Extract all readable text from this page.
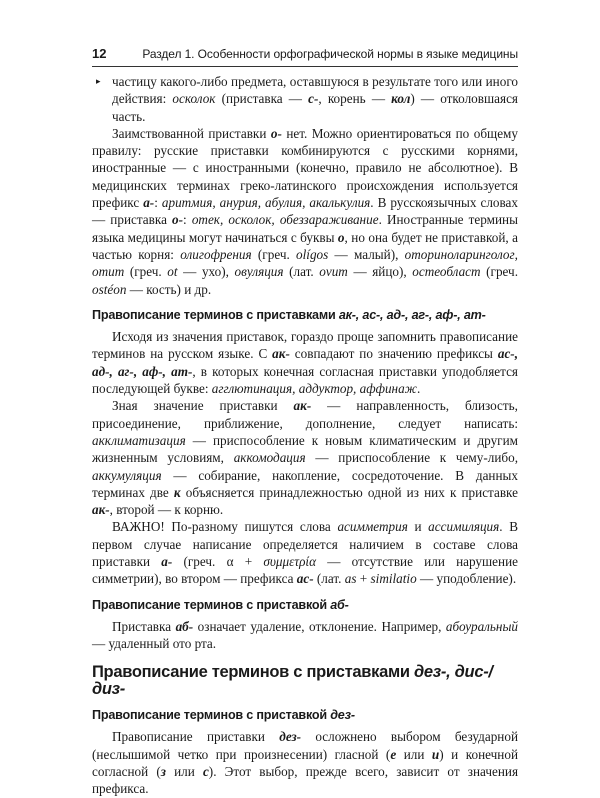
12	Раздел 1. Особенности орфографической нормы в языке медицины

▸ частицу какого-либо предмета, оставшуюся в результате того или иного действия: осколок (приставка — с-, корень — кол) — отколовшаяся часть.

Заимствованной приставки о- нет. Можно ориентироваться по общему правилу: русские приставки комбинируются с русскими корнями, иностранные — с иностранными (конечно, правило не абсолютное). В медицинских терминах греко-латинского происхождения используется префикс а-: аритмия, анурия, абулия, акалькулия. В русскоязычных словах — приставка о-: отек, осколок, обеззараживание. Иностранные термины языка медицины могут начинаться с буквы о, но она будет не приставкой, а частью корня: олигофрения (греч. olígos — малый), оториноларинголог, отит (греч. ot — ухо), овуляция (лат. ovum — яйцо), остеобласт (греч. ostéon — кость) и др.

Правописание терминов с приставками ак-, ас-, ад-, аг-, аф-, ат-

Исходя из значения приставок, гораздо проще запомнить правописание терминов на русском языке. С ак- совпадают по значению префиксы ас-, ад-, аг-, аф-, ат-, в которых конечная согласная приставки уподобляется последующей букве: агглютинация, аддуктор, аффинаж.

Зная значение приставки ак- — направленность, близость, присоединение, приближение, дополнение, следует написать: акклиматизация — приспособление к новым климатическим и другим жизненным условиям, аккомодация — приспособление к чему-либо, аккумуляция — собирание, накопление, сосредоточение. В данных терминах две к объясняется принадлежностью одной из них к приставке ак-, второй — к корню.

ВАЖНО! По-разному пишутся слова асимметрия и ассимиляция. В первом случае написание определяется наличием в составе слова приставки а- (греч. α + συμμετρία — отсутствие или нарушение симметрии), во втором — префикса ас- (лат. as + similatio — уподобление).

Правописание терминов с приставкой аб-

Приставка аб- означает удаление, отклонение. Например, абоуральный — удаленный ото рта.

Правописание терминов с приставками дез-, дис-/диз-
Правописание терминов с приставкой дез-

Правописание приставки дез- осложнено выбором безударной (неслышимой четко при произнесении) гласной (е или и) и конечной согласной (з или с). Этот выбор, прежде всего, зависит от значения префикса.
